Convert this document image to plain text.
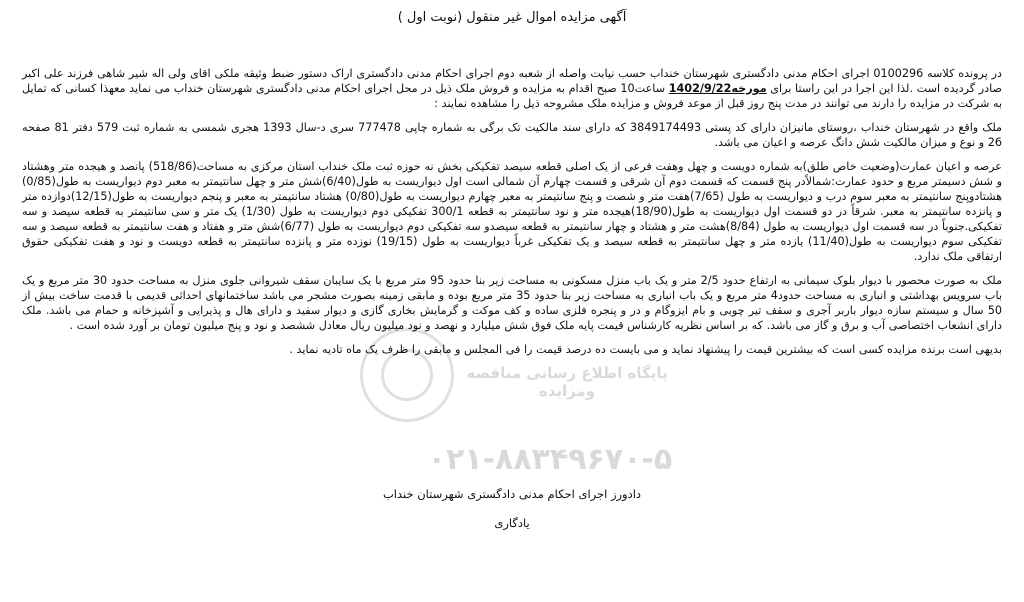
آگهی مزایده اموال غیر منقول (نوبت اول )
پایگاه اطلاع رسانی مناقصه ومزایده
۰۲۱-۸۸۳۴۹۶۷۰-۵

در پرونده کلاسه 0100296 اجرای احکام مدنی دادگستری شهرستان خنداب حسب نیابت واصله از شعبه دوم اجرای احکام مدنی دادگستری اراک دستور ضبط وثیقه ملکی اقای ولی اله شیر شاهی فرزند علی اکبر صادر گردیده است .لذا این اجرا در این راستا برای مورخه1402/9/22 ساعت10 صبح اقدام به مزایده و فروش ملک ذیل در محل اجرای احکام مدنی دادگستری شهرستان خنداب می نماید معهذا کسانی که تمایل به شرکت در مزایده را دارند می توانند در مدت پنج روز قبل از موعد فروش و مزایده ملک مشروحه ذیل را مشاهده نمایند :

ملک واقع در شهرستان خنداب ،روستای مانیزان دارای کد پستی 3849174493 که دارای سند مالکیت تک برگی به شماره چاپی 777478 سری د-سال 1393 هجری شمسی به شماره ثبت 579 دفتر 81 صفحه 26 و نوع و میزان مالکیت شش دانگ عرصه و اعیان می باشد.

عرصه و اعیان عمارت(وضعیت خاص طلق)به شماره دویست و چهل وهفت فرعی از یک اصلی قطعه سیصد تفکیکی بخش نه حوزه ثبت ملک خنداب استان مرکزی به مساحت(518/86) پانصد و هیجده متر وهشتاد و شش دسیمتر مربع و حدود عمارت:شمالاًدر پنج قسمت که قسمت دوم آن شرقی و قسمت چهارم آن شمالی است اول دیواریست به طول(6/40)شش متر و چهل سانتیمتر به معبر دوم دیواریست به طول(0/85) هشتادوپنج سانتیمتر به معبر سوم درب و دیواریست به طول (7/65)هفت متر و شصت و پنج سانتیمتر به معبر چهارم دیواریست به طول(0/80) هشتاد سانتیمتر به معبر و پنجم دیواریست به طول(12/15)دوازده متر و پانزده سانتیمتر به معبر. شرقاً در دو قسمت اول دیواریست به طول(18/90)هیجده متر و نود سانتیمتر به قطعه 300/1 تفکیکی دوم دیواریست به طول (1/30) یک متر و سی سانتیمتر به قطعه سیصد و سه تفکیکی.جنوباً در سه قسمت اول دیواریست به طول (8/84)هشت متر و هشتاد و چهار سانتیمتر به قطعه سیصدو سه تفکیکی دوم دیواریست به طول (6/77)شش متر و هفتاد و هفت سانتیمتر به قطعه سیصد و سه تفکیکی سوم دیواریست به طول(11/40) یازده متر و چهل سانتیمتر به قطعه سیصد و یک تفکیکی غرباً دیواریست به طول (19/15) نوزده متر و پانزده سانتیمتر به قطعه دویست و نود و هفت تفکیکی حقوق ارتفاقی ملک ندارد.

ملک به صورت محصور با دیوار بلوک سیمانی به ارتفاع حدود 2/5 متر و یک باب منزل مسکونی به مساحت زیر بنا حدود 95 متر مربع با یک سایبان سقف شیروانی جلوی منزل به مساحت حدود 30 متر مربع و یک باب سرویس بهداشتی و انباری به مساحت حدود4 متر مربع و یک باب انباری به مساحت زیر بنا حدود 35 متر مربع بوده و مابقی زمینه بصورت مشجر می باشد ساختمانهای احداثی قدیمی با قدمت ساخت بیش از 50 سال و سیستم سازه دیوار باربر آجری و سقف تیر چوبی و بام ایزوگام و در و پنجره فلزی ساده و کف موکت و گرمایش بخاری گازی و دیوار سفید و دارای هال و پذیرایی و آشپزخانه و حمام می باشد. ملک دارای انشعاب اختصاصی آب و برق و گاز می باشد. که بر اساس نظریه کارشناس قیمت پایه ملک فوق شش میلیارد و نهصد و نود میلیون ریال معادل ششصد و نود و پنج میلیون تومان بر آورد شده است .

بدیهی است برنده مزایده کسی است که بیشترین قیمت را پیشنهاد نماید و می بایست ده درصد قیمت را فی المجلس و مابقی را ظرف یک ماه تادیه نماید .

دادورز اجرای احکام مدنی دادگستری شهرستان خنداب
یادگاری
